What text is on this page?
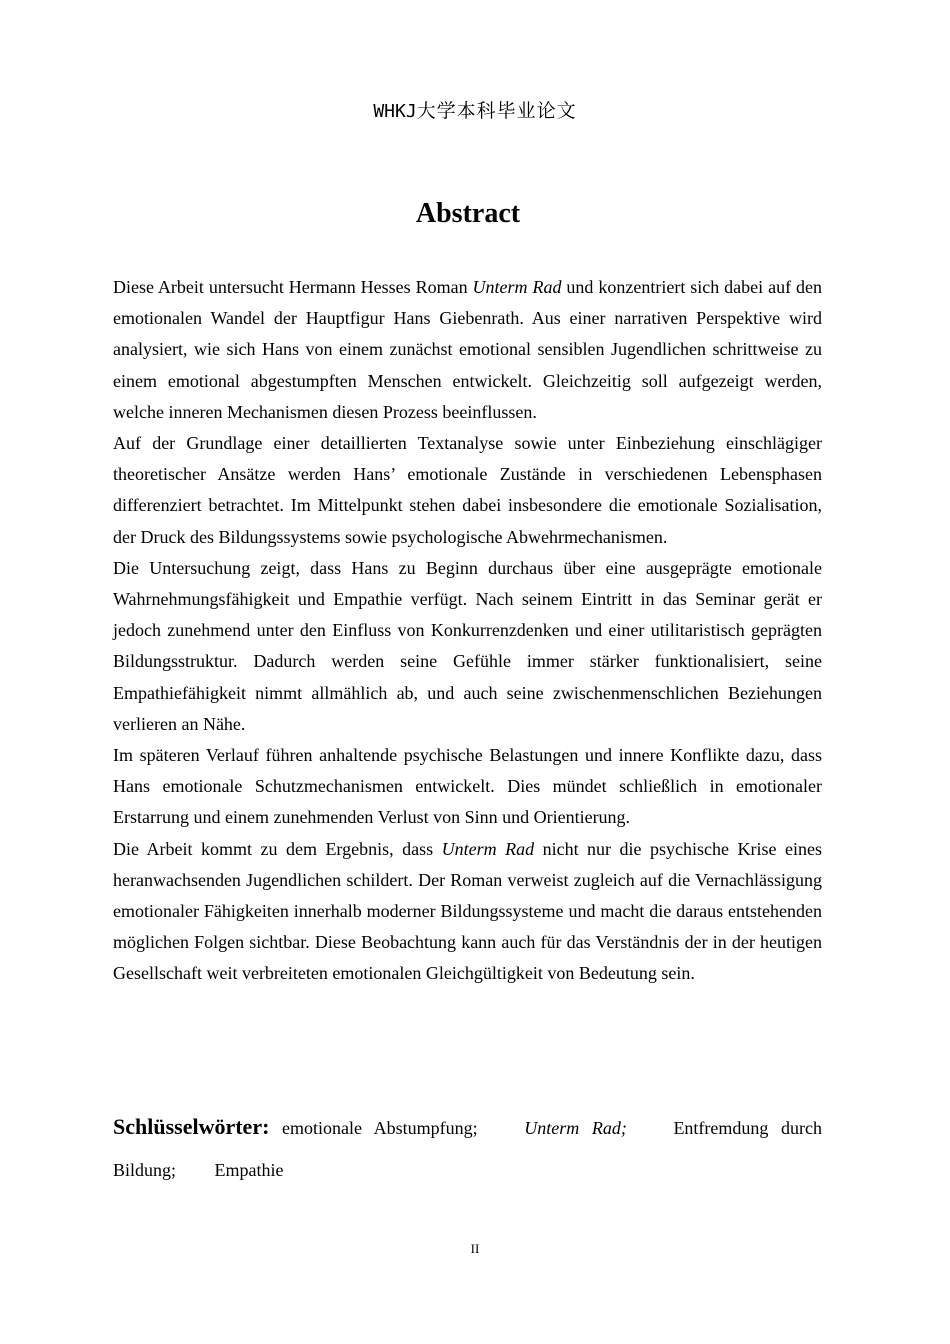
WHKJ大学本科毕业论文
Abstract

Diese Arbeit untersucht Hermann Hesses Roman Unterm Rad und konzentriert sich dabei auf den emotionalen Wandel der Hauptfigur Hans Giebenrath. Aus einer narrativen Perspektive wird analysiert, wie sich Hans von einem zunächst emotional sensiblen Jugendlichen schrittweise zu einem emotional abgestumpften Menschen entwickelt. Gleichzeitig soll aufgezeigt werden, welche inneren Mechanismen diesen Prozess beeinflussen.

Auf der Grundlage einer detaillierten Textanalyse sowie unter Einbeziehung einschlägiger theoretischer Ansätze werden Hans’ emotionale Zustände in verschiedenen Lebensphasen differenziert betrachtet. Im Mittelpunkt stehen dabei insbesondere die emotionale Sozialisation, der Druck des Bildungssystems sowie psychologische Abwehrmechanismen.

Die Untersuchung zeigt, dass Hans zu Beginn durchaus über eine ausgeprägte emotionale Wahrnehmungsfähigkeit und Empathie verfügt. Nach seinem Eintritt in das Seminar gerät er jedoch zunehmend unter den Einfluss von Konkurrenzdenken und einer utilitaristisch geprägten Bildungsstruktur. Dadurch werden seine Gefühle immer stärker funktionalisiert, seine Empathiefähigkeit nimmt allmählich ab, und auch seine zwischenmenschlichen Beziehungen verlieren an Nähe.

Im späteren Verlauf führen anhaltende psychische Belastungen und innere Konflikte dazu, dass Hans emotionale Schutzmechanismen entwickelt. Dies mündet schließlich in emotionaler Erstarrung und einem zunehmenden Verlust von Sinn und Orientierung.

Die Arbeit kommt zu dem Ergebnis, dass Unterm Rad nicht nur die psychische Krise eines heranwachsenden Jugendlichen schildert. Der Roman verweist zugleich auf die Vernachlässigung emotionaler Fähigkeiten innerhalb moderner Bildungssysteme und macht die daraus entstehenden möglichen Folgen sichtbar. Diese Beobachtung kann auch für das Verständnis der in der heutigen Gesellschaft weit verbreiteten emotionalen Gleichgültigkeit von Bedeutung sein.

Schlüsselwörter: emotionale Abstumpfung;	Unterm Rad;	Entfremdung durch Bildung; Empathie
II
